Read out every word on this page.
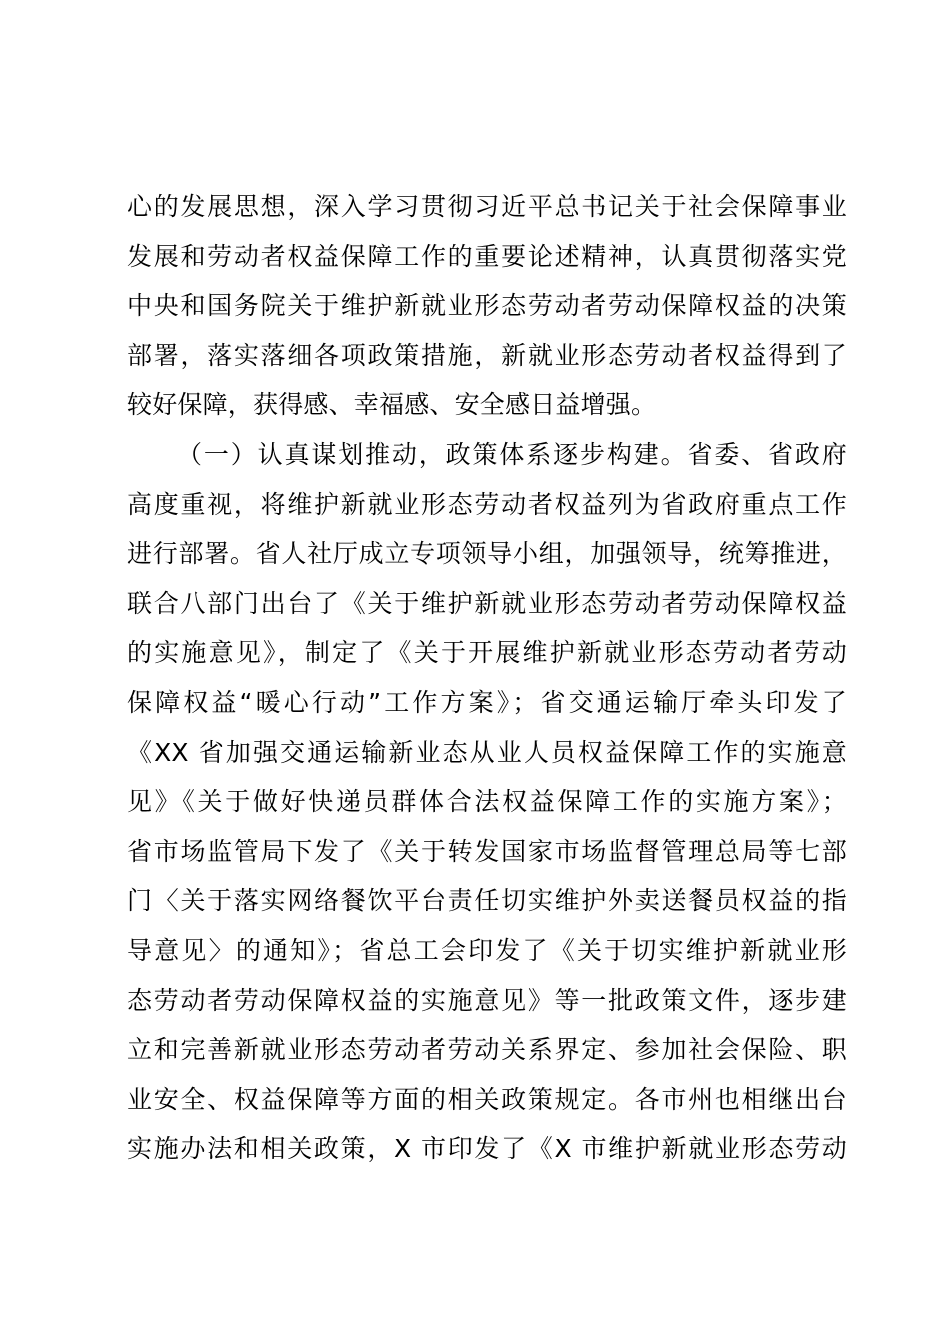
心的发展思想，深入学习贯彻习近平总书记关于社会保障事业
发展和劳动者权益保障工作的重要论述精神，认真贯彻落实党
中央和国务院关于维护新就业形态劳动者劳动保障权益的决策
部署，落实落细各项政策措施，新就业形态劳动者权益得到了
较好保障，获得感、幸福感、安全感日益增强。
（一）认真谋划推动，政策体系逐步构建。省委、省政府
高度重视，将维护新就业形态劳动者权益列为省政府重点工作
进行部署。省人社厅成立专项领导小组，加强领导，统筹推进，
联合八部门出台了《关于维护新就业形态劳动者劳动保障权益
的实施意见》，制定了《关于开展维护新就业形态劳动者劳动
保障权益“暖心行动”工作方案》；省交通运输厅牵头印发了
《XX 省加强交通运输新业态从业人员权益保障工作的实施意
见》《关于做好快递员群体合法权益保障工作的实施方案》；
省市场监管局下发了《关于转发国家市场监督管理总局等七部
门〈关于落实网络餐饮平台责任切实维护外卖送餐员权益的指
导意见〉的通知》；省总工会印发了《关于切实维护新就业形
态劳动者劳动保障权益的实施意见》等一批政策文件，逐步建
立和完善新就业形态劳动者劳动关系界定、参加社会保险、职
业安全、权益保障等方面的相关政策规定。各市州也相继出台
实施办法和相关政策，X 市印发了《X 市维护新就业形态劳动
